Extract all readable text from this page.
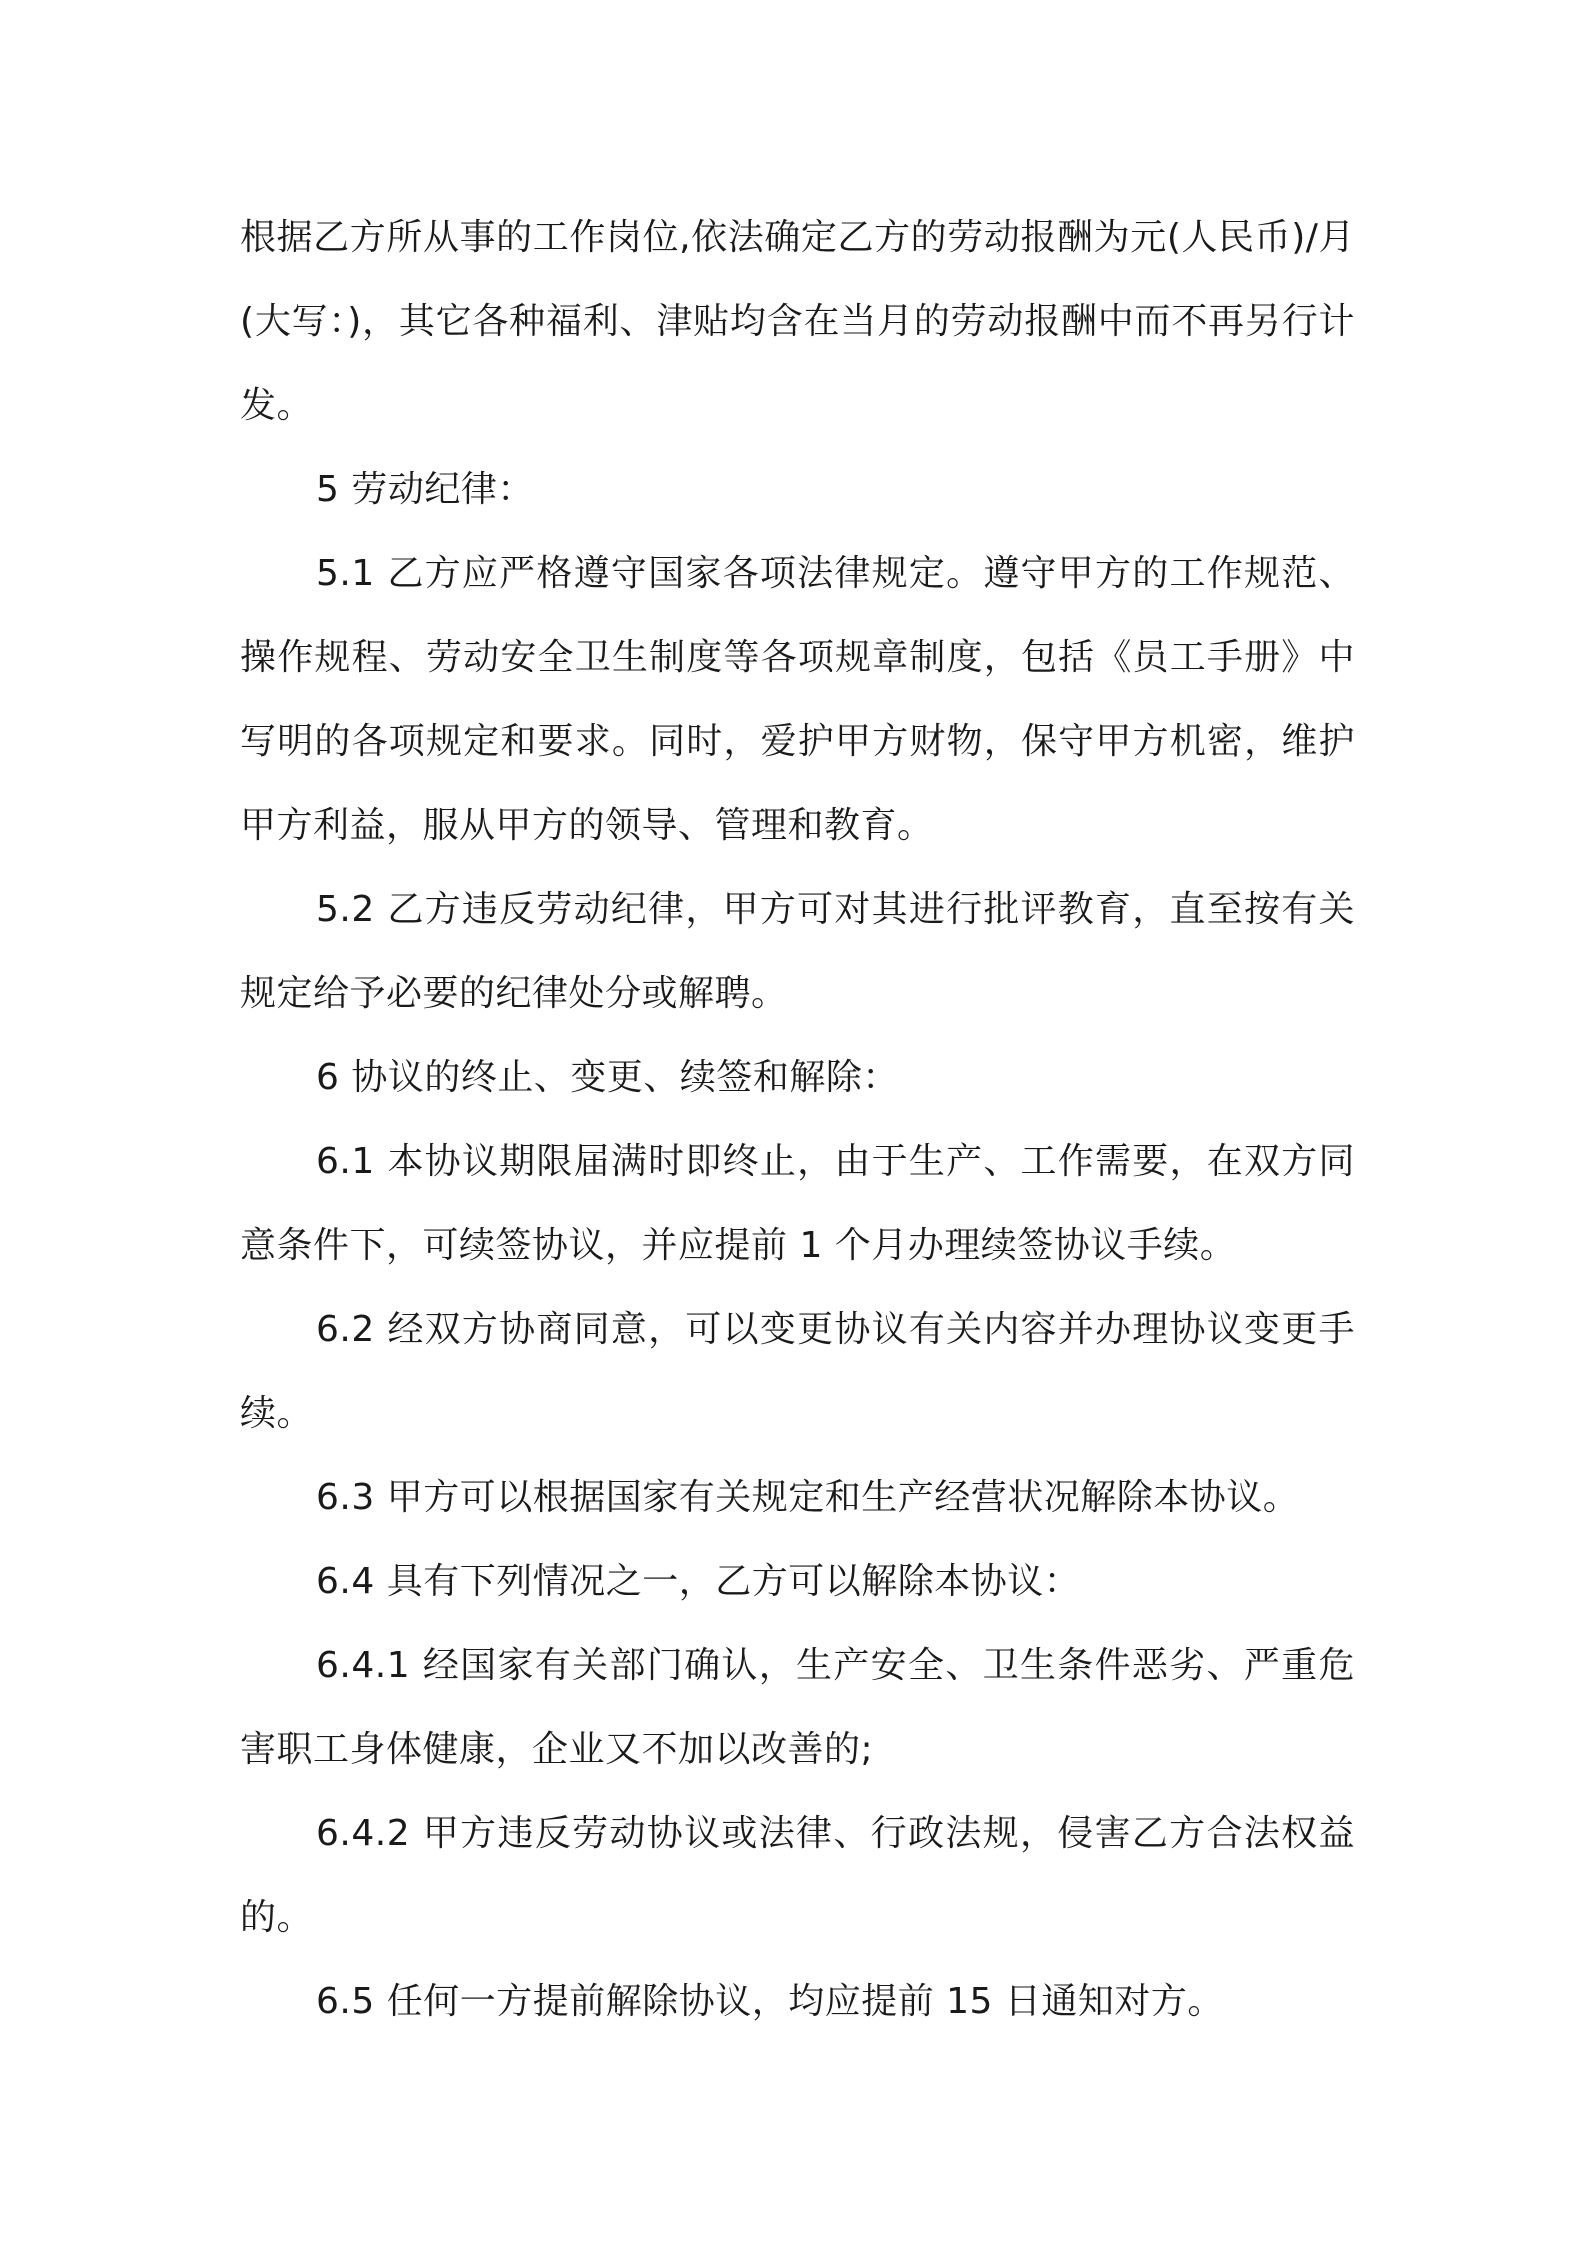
根据乙方所从事的工作岗位,依法确定乙方的劳动报酬为元(人民币)/月(大写：)，其它各种福利、津贴均含在当月的劳动报酬中而不再另行计发。

5 劳动纪律：

5.1 乙方应严格遵守国家各项法律规定。遵守甲方的工作规范、操作规程、劳动安全卫生制度等各项规章制度，包括《员工手册》中写明的各项规定和要求。同时，爱护甲方财物，保守甲方机密，维护甲方利益，服从甲方的领导、管理和教育。

5.2 乙方违反劳动纪律，甲方可对其进行批评教育，直至按有关规定给予必要的纪律处分或解聘。

6 协议的终止、变更、续签和解除：

6.1 本协议期限届满时即终止，由于生产、工作需要，在双方同意条件下，可续签协议，并应提前 1 个月办理续签协议手续。

6.2 经双方协商同意，可以变更协议有关内容并办理协议变更手续。

6.3 甲方可以根据国家有关规定和生产经营状况解除本协议。

6.4 具有下列情况之一，乙方可以解除本协议：

6.4.1 经国家有关部门确认，生产安全、卫生条件恶劣、严重危害职工身体健康，企业又不加以改善的;

6.4.2 甲方违反劳动协议或法律、行政法规，侵害乙方合法权益的。

6.5 任何一方提前解除协议，均应提前 15 日通知对方。
